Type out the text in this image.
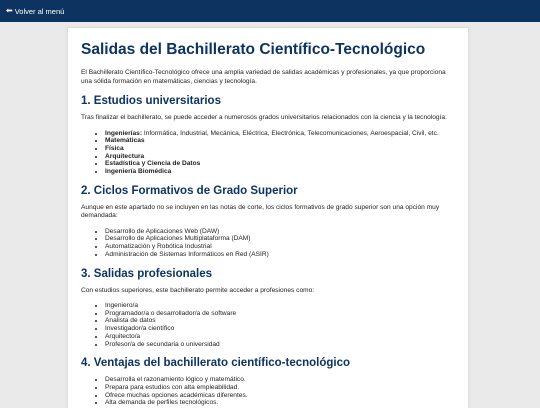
⬅ Volver al menú
Salidas del Bachillerato Científico-Tecnológico

El Bachillerato Científico-Tecnológico ofrece una amplia variedad de salidas académicas y profesionales, ya que proporciona una sólida formación en matemáticas, ciencias y tecnología.

1. Estudios universitarios

Tras finalizar el bachillerato, se puede acceder a numerosos grados universitarios relacionados con la ciencia y la tecnología:

• Ingenierías: Informática, Industrial, Mecánica, Eléctrica, Electrónica, Telecomunicaciones, Aeroespacial, Civil, etc.
• Matemáticas
• Física
• Arquitectura
• Estadística y Ciencia de Datos
• Ingeniería Biomédica
2. Ciclos Formativos de Grado Superior

Aunque en este apartado no se incluyen en las notas de corte, los ciclos formativos de grado superior son una opción muy demandada:

• Desarrollo de Aplicaciones Web (DAW)
• Desarrollo de Aplicaciones Multiplataforma (DAM)
• Automatización y Robótica Industrial
• Administración de Sistemas Informáticos en Red (ASIR)
3. Salidas profesionales

Con estudios superiores, este bachillerato permite acceder a profesiones como:

• Ingeniero/a
• Programador/a o desarrollador/a de software
• Analista de datos
• Investigador/a científico
• Arquitecto/a
• Profesor/a de secundaria o universidad
4. Ventajas del bachillerato científico-tecnológico
• Desarrolla el razonamiento lógico y matemático.
• Prepara para estudios con alta empleabilidad.
• Ofrece muchas opciones académicas diferentes.
• Alta demanda de perfiles tecnológicos.
